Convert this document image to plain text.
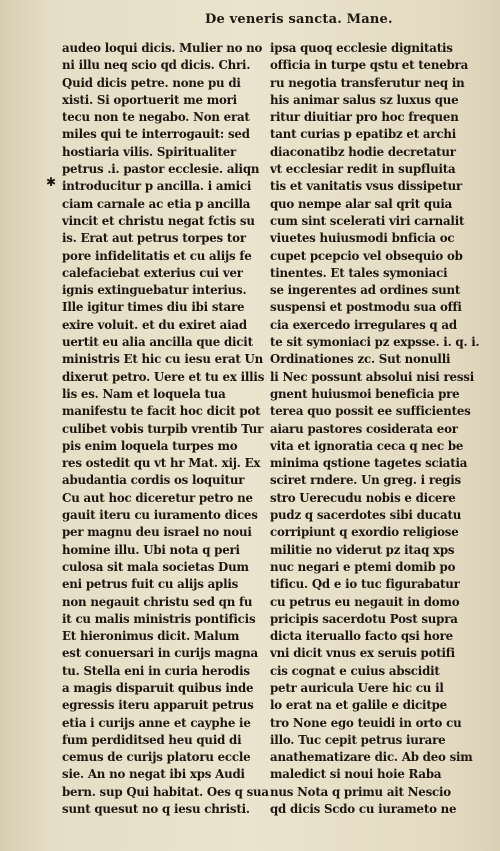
De veneris sancta. Mane.
✱
audeo loqui dicis. Mulier no no
ni illu neq scio qd dicis. Chri.
Quid dicis petre. none pu di
xisti. Si oportuerit me mori
tecu non te negabo. Non erat
miles qui te interrogauit: sed
hostiaria vilis. Spiritualiter
petrus .i. pastor ecclesie. aliqn
introducitur p ancilla. i amici
ciam carnale ac etia p ancilla
vincit et christu negat fctis su
is. Erat aut petrus torpes tor
pore infidelitatis et cu alijs fe
calefaciebat exterius cui ver
ignis extinguebatur interius.
Ille igitur times diu ibi stare
exire voluit. et du exiret aiad
uertit eu alia ancilla que dicit
ministris Et hic cu iesu erat Un
dixerut petro. Uere et tu ex illis
lis es. Nam et loquela tua
manifestu te facit hoc dicit pot
culibet vobis turpib vrentib Tur
pis enim loquela turpes mo
res ostedit qu vt hr Mat. xij. Ex
abudantia cordis os loquitur
Cu aut hoc diceretur petro ne
gauit iteru cu iuramento dices
per magnu deu israel no noui
homine illu. Ubi nota q peri
culosa sit mala societas Dum
eni petrus fuit cu alijs aplis
non negauit christu sed qn fu
it cu malis ministris pontificis
Et hieronimus dicit. Malum
est conuersari in curijs magna
tu. Stella eni in curia herodis
a magis disparuit quibus inde
egressis iteru apparuit petrus
etia i curijs anne et cayphe ie
fum perdiditsed heu quid di
cemus de curijs platoru eccle
sie. An no negat ibi xps Audi
bern. sup Qui habitat. Oes q sua
sunt quesut no q iesu christi.
ipsa quoq ecclesie dignitatis
officia in turpe qstu et tenebra
ru negotia transferutur neq in
his animar salus sz luxus que
ritur diuitiar pro hoc frequen
tant curias p epatibz et archi
diaconatibz hodie decretatur
vt ecclesiar redit in supfluita
tis et vanitatis vsus dissipetur
quo nempe alar sal qrit quia
cum sint scelerati viri carnalit
viuetes huiusmodi bnficia oc
cupet pcepcio vel obsequio ob
tinentes. Et tales symoniaci
se ingerentes ad ordines sunt
suspensi et postmodu sua offi
cia exercedo irregulares q ad
te sit symoniaci pz expsse. i. q. i.
Ordinationes zc. Sut nonulli
li Nec possunt absolui nisi ressi
gnent huiusmoi beneficia pre
terea quo possit ee sufficientes
aiaru pastores cosiderata eor
vita et ignoratia ceca q nec be
minima qstione tagetes sciatia
sciret rndere. Un greg. i regis
stro Uerecudu nobis e dicere
pudz q sacerdotes sibi ducatu
corripiunt q exordio religiose
militie no viderut pz itaq xps
nuc negari e ptemi domib po
tificu. Qd e io tuc figurabatur
cu petrus eu negauit in domo
pricipis sacerdotu Post supra
dicta iteruallo facto qsi hore
vni dicit vnus ex seruis potifi
cis cognat e cuius abscidit
petr auricula Uere hic cu il
lo erat na et galile e dicitpe
tro None ego teuidi in orto cu
illo. Tuc cepit petrus iurare
anathematizare dic. Ab deo sim
maledict si noui hoie Raba
nus Nota q primu ait Nescio
qd dicis Scdo cu iurameto ne
